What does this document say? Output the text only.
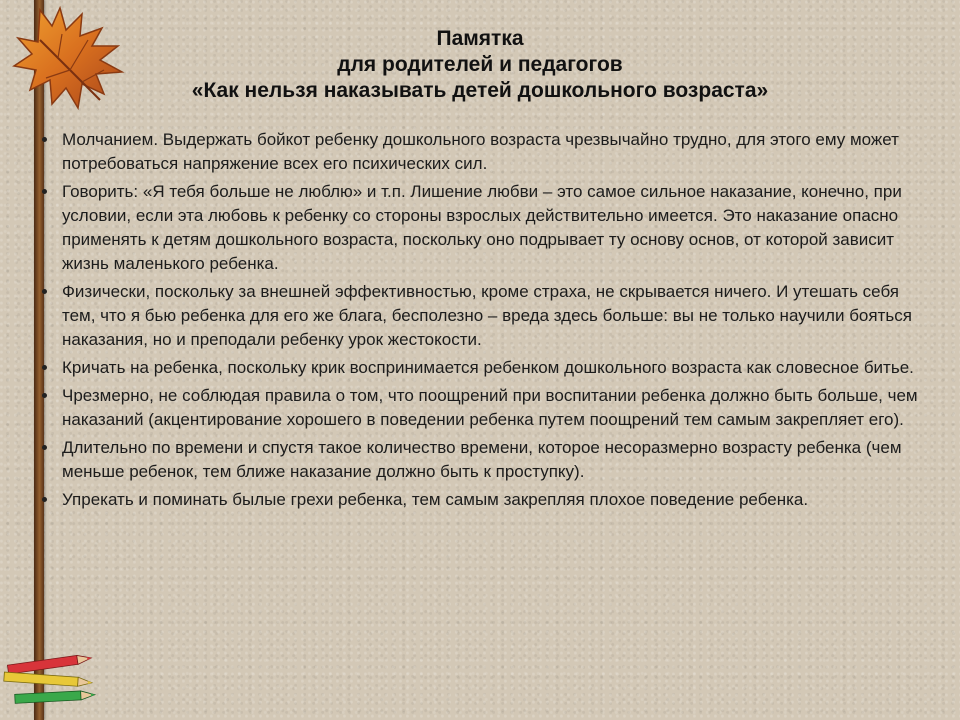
Памятка
для родителей и педагогов
«Как нельзя наказывать детей дошкольного возраста»
Молчанием. Выдержать бойкот ребенку дошкольного возраста чрезвычайно трудно, для этого ему может потребоваться напряжение всех его психических сил.
Говорить: «Я тебя больше не люблю» и т.п. Лишение любви – это самое сильное наказание, конечно, при условии, если эта любовь к ребенку со стороны взрослых действительно имеется. Это наказание опасно применять к детям дошкольного возраста, поскольку оно подрывает ту основу основ, от которой зависит жизнь маленького ребенка.
Физически, поскольку за внешней эффективностью, кроме страха, не скрывается ничего. И утешать себя тем, что я бью ребенка для его же блага, бесполезно – вреда здесь больше: вы не только научили бояться наказания, но и преподали ребенку урок жестокости.
Кричать на ребенка, поскольку крик воспринимается ребенком дошкольного возраста как словесное битье.
Чрезмерно, не соблюдая правила о том, что поощрений при воспитании ребенка должно быть больше, чем наказаний (акцентирование хорошего в поведении ребенка путем поощрений тем самым закрепляет его).
Длительно по времени и спустя такое количество времени, которое несоразмерно возрасту ребенка (чем меньше ребенок, тем ближе наказание должно быть к проступку).
Упрекать и поминать былые грехи ребенка, тем самым закрепляя плохое поведение ребенка.
